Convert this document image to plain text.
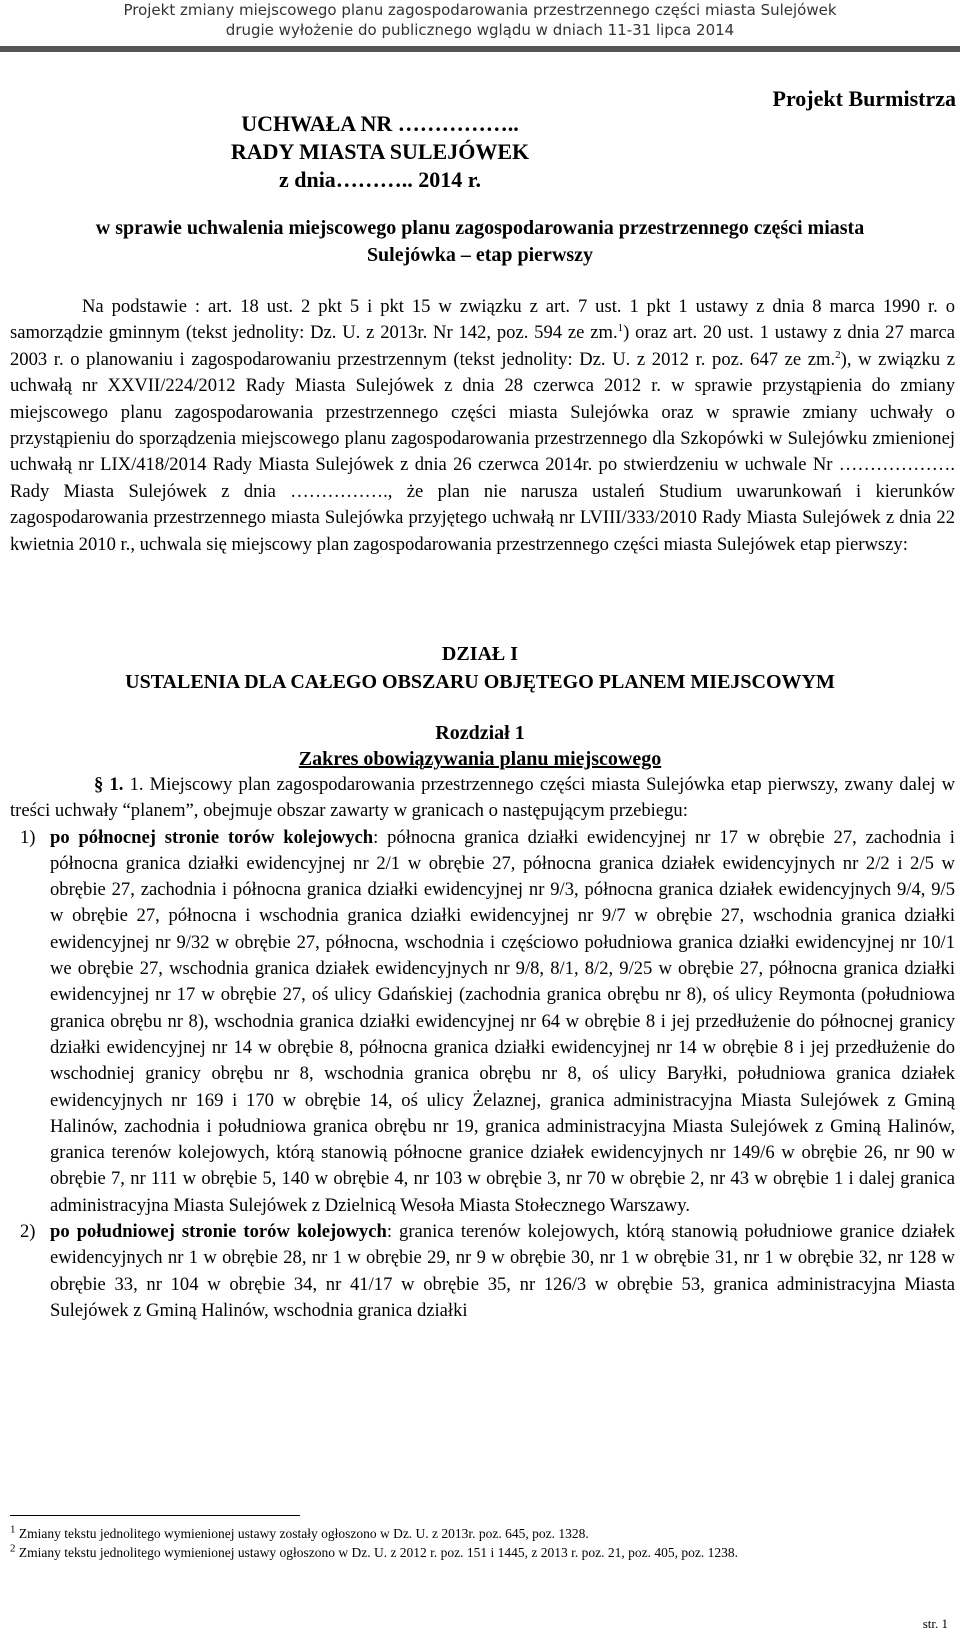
Projekt zmiany miejscowego planu zagospodarowania przestrzennego części miasta Sulejówek
drugie wyłożenie do publicznego wglądu w dniach 11-31 lipca 2014
Projekt Burmistrza
UCHWAŁA NR ……………..
RADY MIASTA SULEJÓWEK
z dnia……….. 2014 r.
w sprawie uchwalenia miejscowego planu zagospodarowania przestrzennego części miasta
Sulejówka – etap pierwszy

Na podstawie : art. 18 ust. 2 pkt 5 i pkt 15 w związku z art. 7 ust. 1 pkt 1 ustawy z dnia 8 marca 1990 r. o samorządzie gminnym (tekst jednolity: Dz. U. z 2013r. Nr 142, poz. 594 ze zm.$^1$) oraz art. 20 ust. 1 ustawy z dnia 27 marca 2003 r. o planowaniu i zagospodarowaniu przestrzennym (tekst jednolity: Dz. U. z 2012 r. poz. 647 ze zm.$^2$), w związku z uchwałą nr XXVII/224/2012 Rady Miasta Sulejówek z dnia 28 czerwca 2012 r. w sprawie przystąpienia do zmiany miejscowego planu zagospodarowania przestrzennego części miasta Sulejówka oraz w sprawie zmiany uchwały o przystąpieniu do sporządzenia miejscowego planu zagospodarowania przestrzennego dla Szkopówki w Sulejówku zmienionej uchwałą nr LIX/418/2014 Rady Miasta Sulejówek z dnia 26 czerwca 2014r. po stwierdzeniu w uchwale Nr ………………. Rady Miasta Sulejówek z dnia ……………., że plan nie narusza ustaleń Studium uwarunkowań i kierunków zagospodarowania przestrzennego miasta Sulejówka przyjętego uchwałą nr LVIII/333/2010 Rady Miasta Sulejówek z dnia 22 kwietnia 2010 r., uchwala się miejscowy plan zagospodarowania przestrzennego części miasta Sulejówek etap pierwszy:

DZIAŁ I
USTALENIA DLA CAŁEGO OBSZARU OBJĘTEGO PLANEM MIEJSCOWYM
Rozdział 1
Zakres obowiązywania planu miejscowego

§ 1. 1. Miejscowy plan zagospodarowania przestrzennego części miasta Sulejówka etap pierwszy, zwany dalej w treści uchwały “planem”, obejmuje obszar zawarty w granicach o następującym przebiegu:

1) po północnej stronie torów kolejowych: północna granica działki ewidencyjnej nr 17 w obrębie 27, zachodnia i północna granica działki ewidencyjnej nr 2/1 w obrębie 27, północna granica działek ewidencyjnych nr 2/2 i 2/5 w obrębie 27, zachodnia i północna granica działki ewidencyjnej nr 9/3, północna granica działek ewidencyjnych 9/4, 9/5 w obrębie 27, północna i wschodnia granica działki ewidencyjnej nr 9/7 w obrębie 27, wschodnia granica działki ewidencyjnej nr 9/32 w obrębie 27, północna, wschodnia i częściowo południowa granica działki ewidencyjnej nr 10/1 we obrębie 27, wschodnia granica działek ewidencyjnych nr 9/8, 8/1, 8/2, 9/25 w obrębie 27, północna granica działki ewidencyjnej nr 17 w obrębie 27, oś ulicy Gdańskiej (zachodnia granica obrębu nr 8), oś ulicy Reymonta (południowa granica obrębu nr 8), wschodnia granica działki ewidencyjnej nr 64 w obrębie 8 i jej przedłużenie do północnej granicy działki ewidencyjnej nr 14 w obrębie 8, północna granica działki ewidencyjnej nr 14 w obrębie 8 i jej przedłużenie do wschodniej granicy obrębu nr 8, wschodnia granica obrębu nr 8, oś ulicy Baryłki, południowa granica działek ewidencyjnych nr 169 i 170 w obrębie 14, oś ulicy Żelaznej, granica administracyjna Miasta Sulejówek z Gminą Halinów, zachodnia i południowa granica obrębu nr 19, granica administracyjna Miasta Sulejówek z Gminą Halinów, granica terenów kolejowych, którą stanowią północne granice działek ewidencyjnych nr 149/6 w obrębie 26, nr 90 w obrębie 7, nr 111 w obrębie 5, 140 w obrębie 4, nr 103 w obrębie 3, nr 70 w obrębie 2, nr 43 w obrębie 1 i dalej granica administracyjna Miasta Sulejówek z Dzielnicą Wesoła Miasta Stołecznego Warszawy.
2) po południowej stronie torów kolejowych: granica terenów kolejowych, którą stanowią południowe granice działek ewidencyjnych nr 1 w obrębie 28, nr 1 w obrębie 29, nr 9 w obrębie 30, nr 1 w obrębie 31, nr 1 w obrębie 32, nr 128 w obrębie 33, nr 104 w obrębie 34, nr 41/17 w obrębie 35, nr 126/3 w obrębie 53, granica administracyjna Miasta Sulejówek z Gminą Halinów, wschodnia granica działki
$^1$ Zmiany tekstu jednolitego wymienionej ustawy zostały ogłoszono w Dz. U. z 2013r. poz. 645, poz. 1328.
$^2$ Zmiany tekstu jednolitego wymienionej ustawy ogłoszono w Dz. U. z 2012 r. poz. 151 i 1445, z 2013 r. poz. 21, poz. 405, poz. 1238.
str. 1
